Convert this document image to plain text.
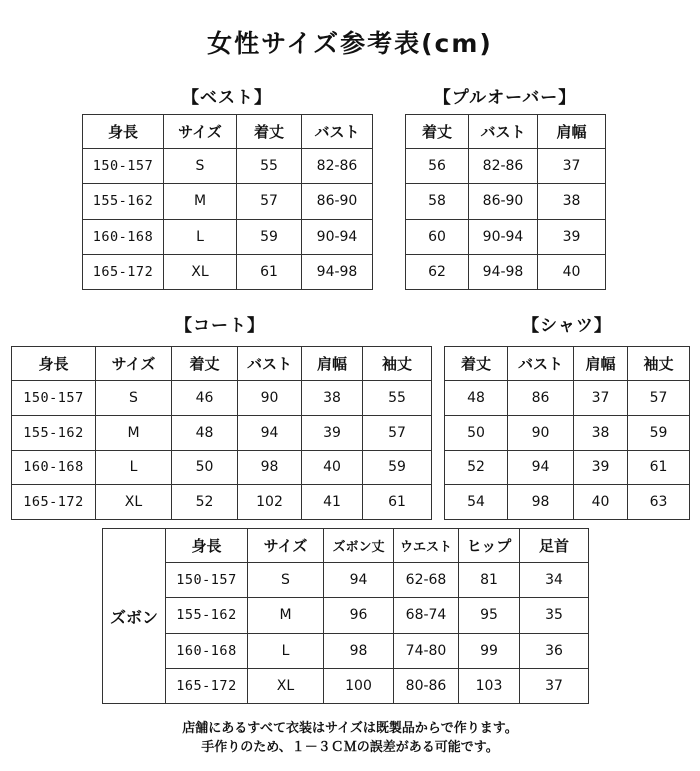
女性サイズ参考表(cm)
【ベスト】
身長	サイズ	着丈	バスト
150-157	S	55	82-86
155-162	M	57	86-90
160-168	L	59	90-94
165-172	XL	61	94-98
【プルオーバー】
着丈	バスト	肩幅
56	82-86	37
58	86-90	38
60	90-94	39
62	94-98	40
【コート】
身長	サイズ	着丈	バスト	肩幅	袖丈
150-157	S	46	90	38	55
155-162	M	48	94	39	57
160-168	L	50	98	40	59
165-172	XL	52	102	41	61
【シャツ】
着丈	バスト	肩幅	袖丈
48	86	37	57
50	90	38	59
52	94	39	61
54	98	40	63
ズボン	身長	サイズ	ズボン丈	ウエスト	ヒップ	足首
	150-157	S	94	62-68	81	34
	155-162	M	96	68-74	95	35
	160-168	L	98	74-80	99	36
	165-172	XL	100	80-86	103	37
店舗にあるすべて衣装はサイズは既製品からで作ります。
手作りのため、１－３ＣＭの誤差がある可能です。
